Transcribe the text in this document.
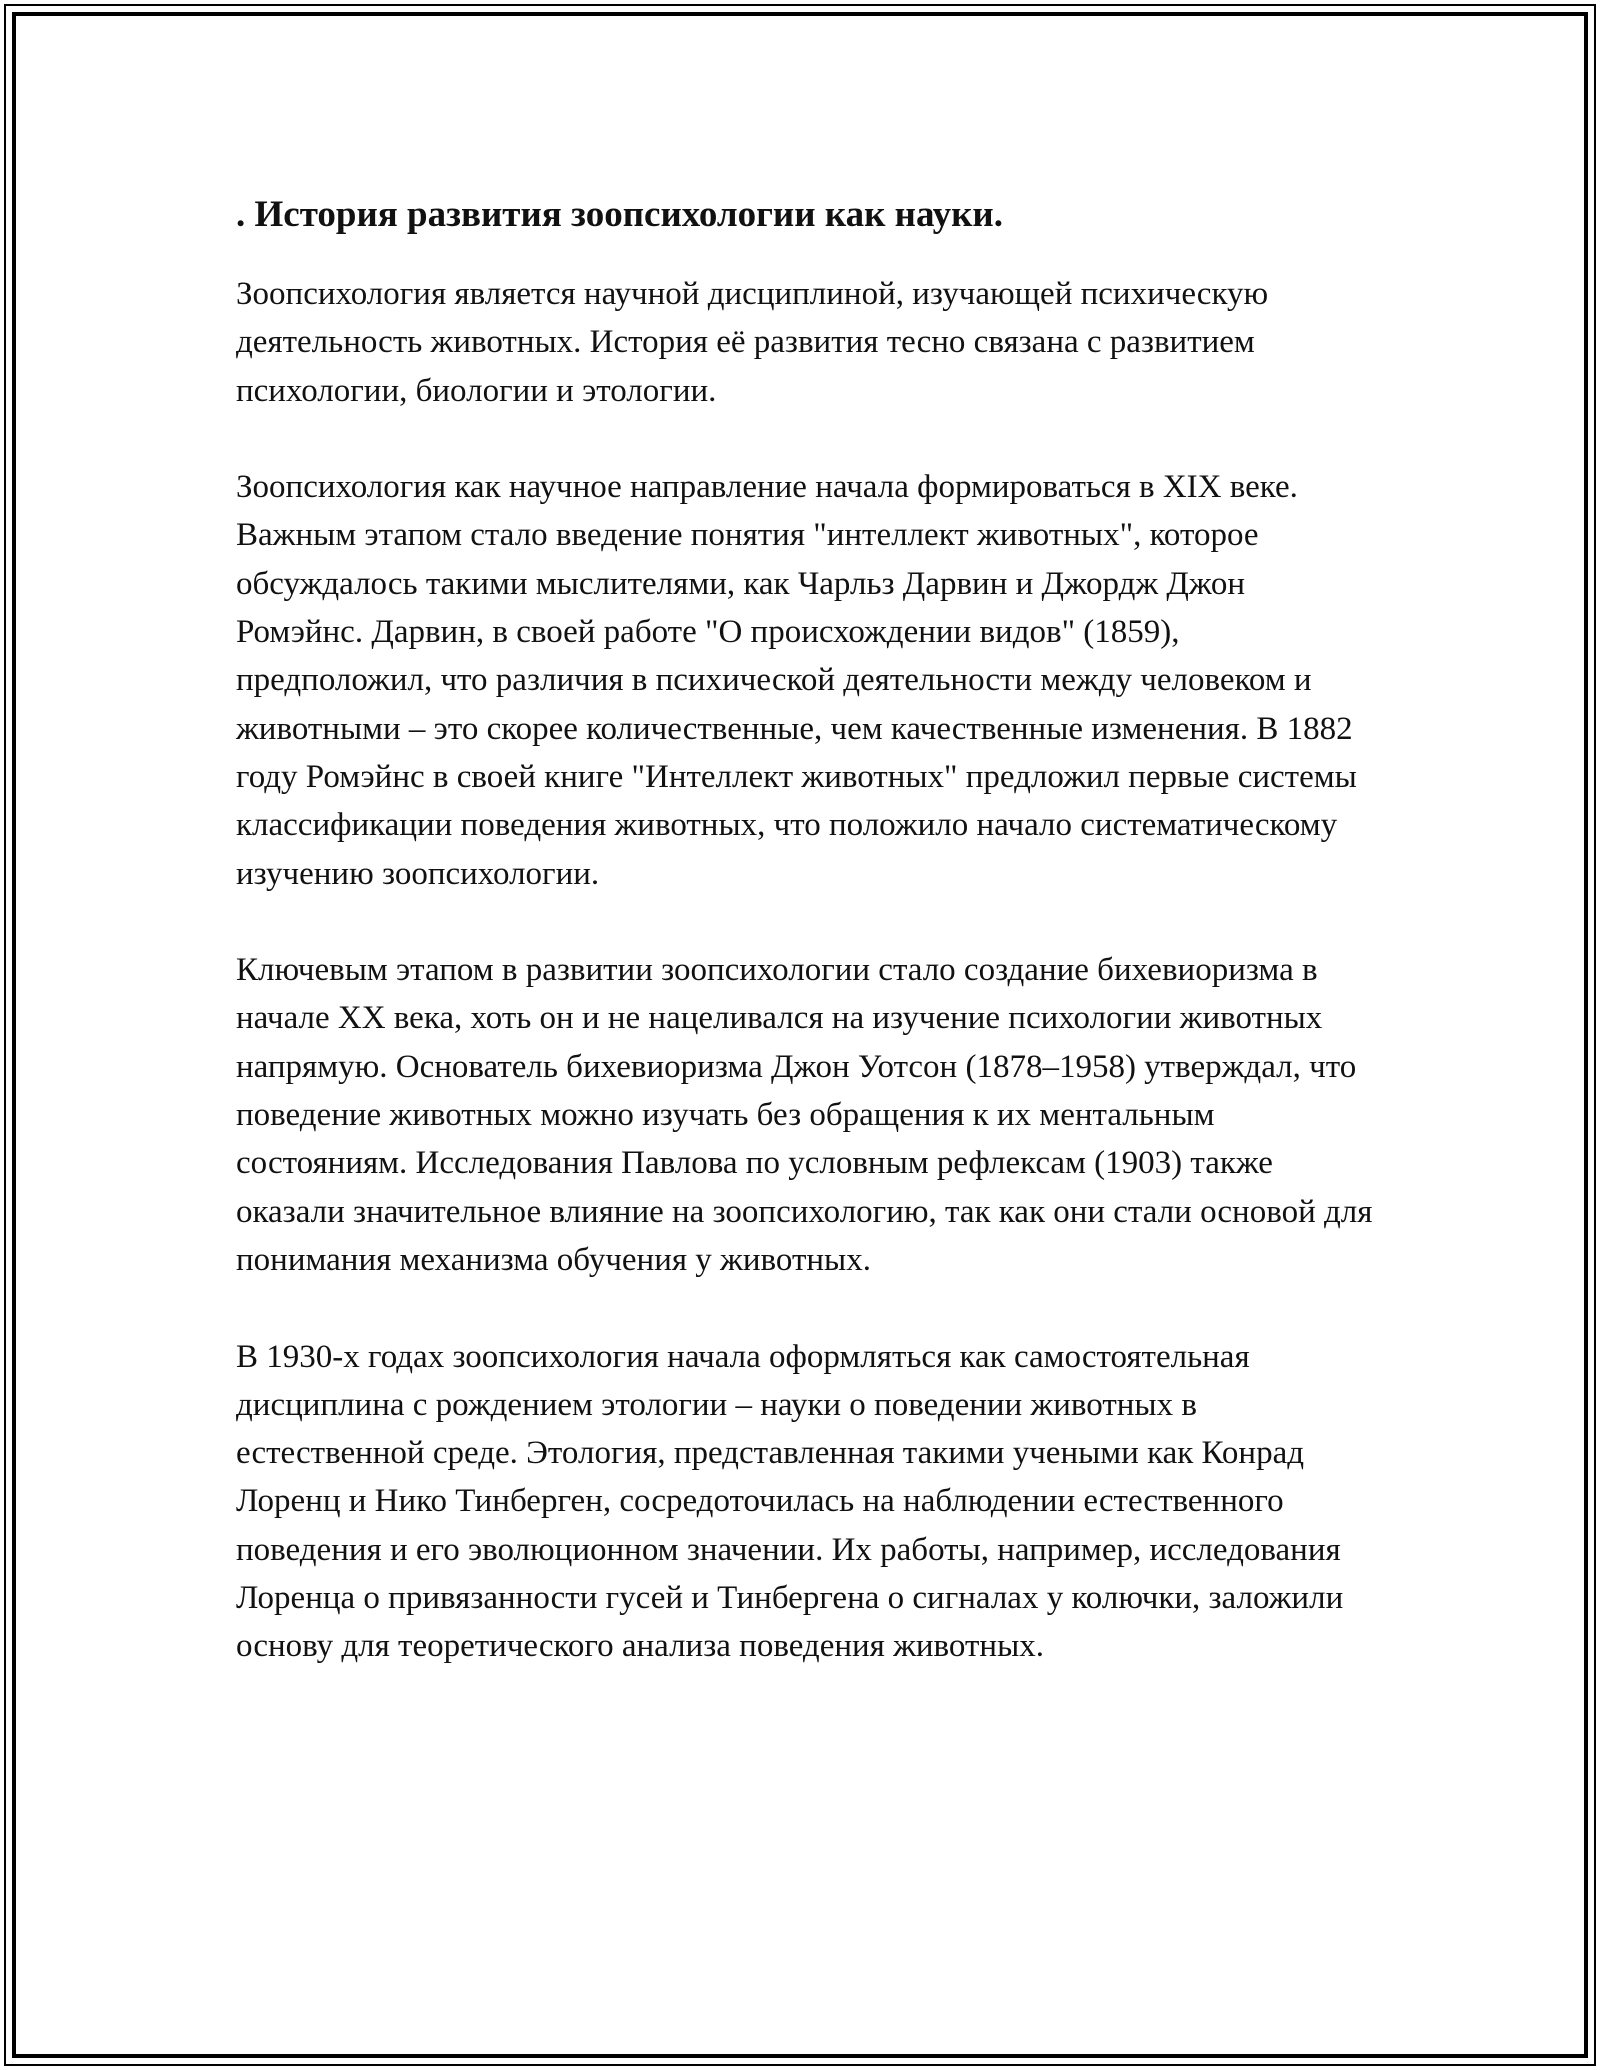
. История развития зоопсихологии как науки.

Зоопсихология является научной дисциплиной, изучающей психическую деятельность животных. История её развития тесно связана с развитием психологии, биологии и этологии.

Зоопсихология как научное направление начала формироваться в XIX веке. Важным этапом стало введение понятия "интеллект животных", которое обсуждалось такими мыслителями, как Чарльз Дарвин и Джордж Джон Ромэйнс. Дарвин, в своей работе "О происхождении видов" (1859), предположил, что различия в психической деятельности между человеком и животными – это скорее количественные, чем качественные изменения. В 1882 году Ромэйнс в своей книге "Интеллект животных" предложил первые системы классификации поведения животных, что положило начало систематическому изучению зоопсихологии.

Ключевым этапом в развитии зоопсихологии стало создание бихевиоризма в начале XX века, хоть он и не нацеливался на изучение психологии животных напрямую. Основатель бихевиоризма Джон Уотсон (1878–1958) утверждал, что поведение животных можно изучать без обращения к их ментальным состояниям. Исследования Павлова по условным рефлексам (1903) также оказали значительное влияние на зоопсихологию, так как они стали основой для понимания механизма обучения у животных.

В 1930-х годах зоопсихология начала оформляться как самостоятельная дисциплина с рождением этологии – науки о поведении животных в естественной среде. Этология, представленная такими учеными как Конрад Лоренц и Нико Тинберген, сосредоточилась на наблюдении естественного поведения и его эволюционном значении. Их работы, например, исследования Лоренца о привязанности гусей и Тинбергена о сигналах у колючки, заложили основу для теоретического анализа поведения животных.
